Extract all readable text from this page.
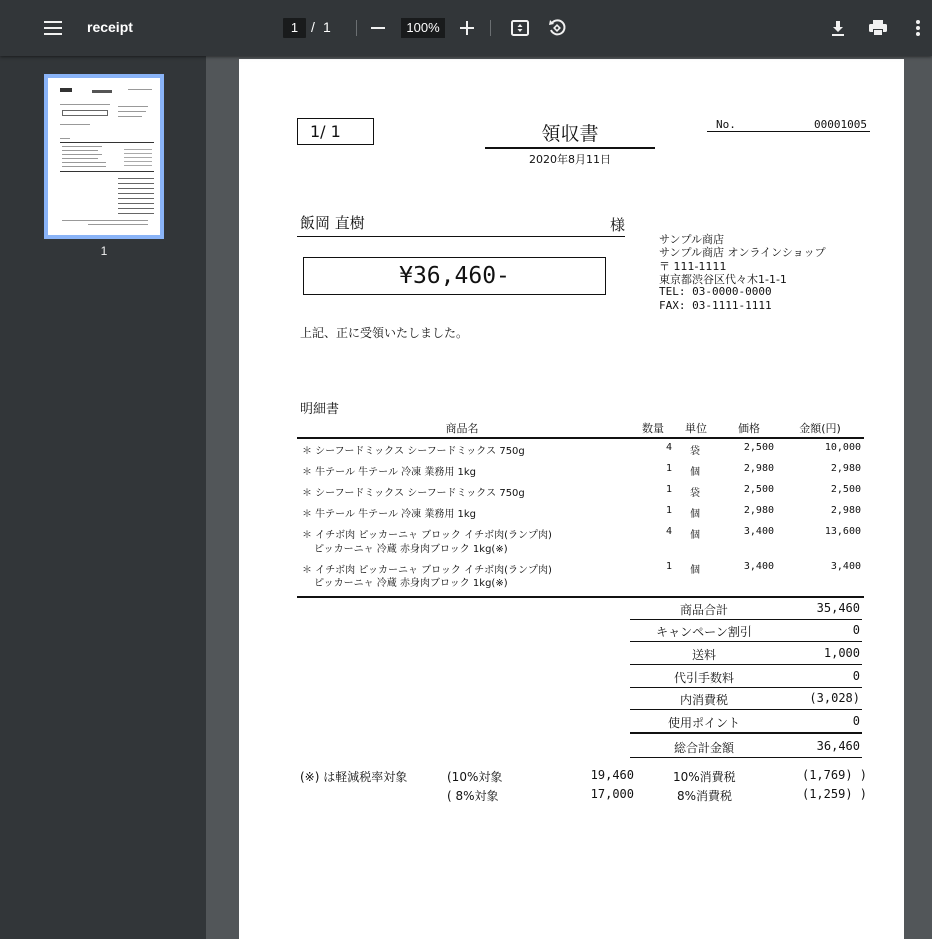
receipt	1 / 1	100%
1
1/ 1	領収書
2020年8月11日
No.	00001005
飯岡 直樹	様
¥36,460-
上記、正に受領いたしました。
サンプル商店
サンプル商店 オンラインショップ
〒 111-1111
東京都渋谷区代々木1-1-1
TEL: 03-0000-0000
FAX: 03-1111-1111
明細書
商品名	数量	単位	価格	金額(円)
＊ シーフードミックス シーフードミックス 750g	4 袋	2,500	10,000
＊ 牛テール 牛テール 冷凍 業務用 1kg	1 個	2,980	2,980
＊ シーフードミックス シーフードミックス 750g	1 袋	2,500	2,500
＊ 牛テール 牛テール 冷凍 業務用 1kg	1 個	2,980	2,980
＊ イチボ肉 ピッカーニャ ブロック イチボ肉(ランプ肉)
ピッカーニャ 冷蔵 赤身肉ブロック 1kg(※)
4 個	3,400	13,600
＊ イチボ肉 ピッカーニャ ブロック イチボ肉(ランプ肉)
ピッカーニャ 冷蔵 赤身肉ブロック 1kg(※)
1 個	3,400	3,400
商品合計	35,460
キャンペーン割引	0
送料	1,000
代引手数料	0
内消費税	(3,028)
使用ポイント	0
総合計金額	36,460
(※) は軽減税率対象	(10%対象	19,460	10%消費税	(1,769) )
( 8%対象	17,000	8%消費税	(1,259) )
